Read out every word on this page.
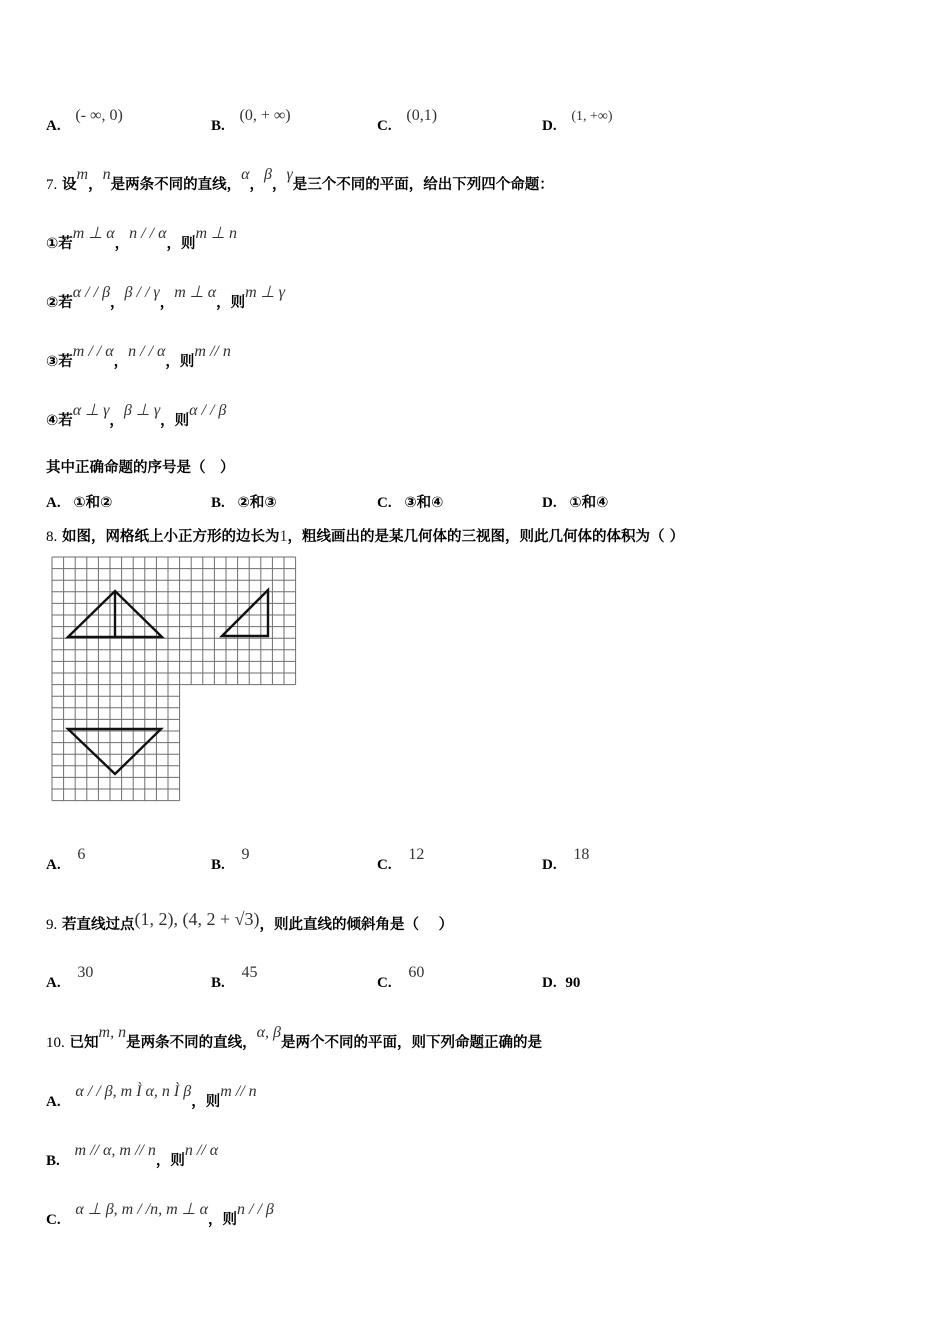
A. (- ∞, 0)
B. (0, + ∞)
C. (0,1)
D. (1, +∞)
7. 设m，n是两条不同的直线，α，β，γ是三个不同的平面，给出下列四个命题：
①若m ⊥ α，n / / α，则m ⊥ n
②若α / / β，β / / γ，m ⊥ α，则m ⊥ γ
③若m / / α，n / / α，则m // n
④若α ⊥ γ，β ⊥ γ，则α / / β
其中正确命题的序号是（　）
A. ①和②	B. ②和③	C. ③和④	D. ①和④
8. 如图，网格纸上小正方形的边长为1，粗线画出的是某几何体的三视图，则此几何体的体积为（ ）
A. 6
B. 9
C. 12
D. 18
9. 若直线过点(1, 2), (4, 2 + √3)，则此直线的倾斜角是（　 ）
A. 30
B. 45
C. 60
D. 90
10. 已知m, n是两条不同的直线，α, β是两个不同的平面，则下列命题正确的是
A. α / / β, m Ì α, n Ì β，则m // n
B. m // α, m // n，则n // α
C. α ⊥ β, m / /n, m ⊥ α，则n / / β
